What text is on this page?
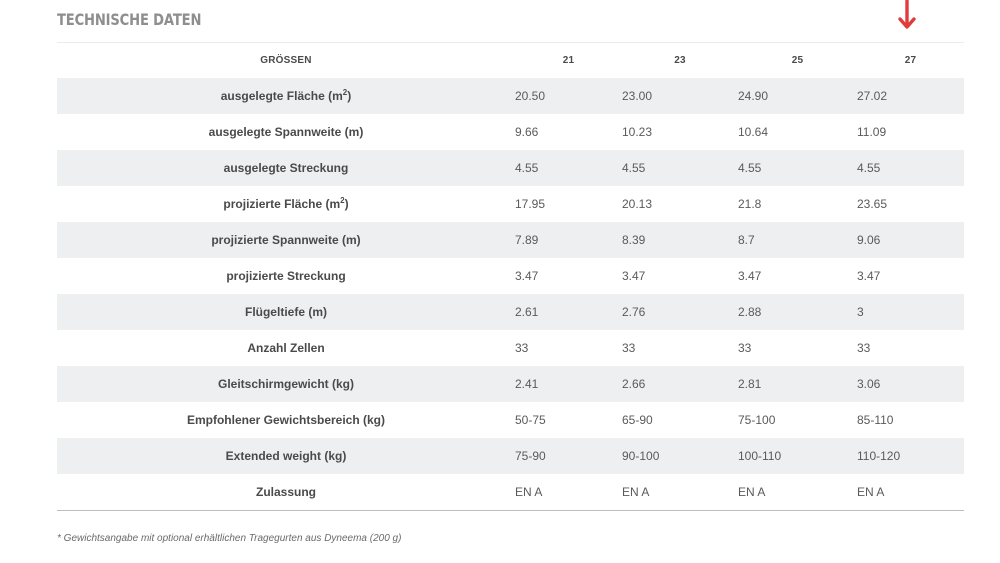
TECHNISCHE DATEN
GRÖSSEN	21	23	25	27
ausgelegte Fläche $(m^2)$	20.50	23.00	24.90	27.02
ausgelegte Spannweite (m)	9.66	10.23	10.64	11.09
ausgelegte Streckung	4.55	4.55	4.55	4.55
projizierte Fläche $(m^2)$	17.95	20.13	21.8	23.65
projizierte Spannweite (m)	7.89	8.39	8.7	9.06
projizierte Streckung	3.47	3.47	3.47	3.47
Flügeltiefe (m)	2.61	2.76	2.88	3
Anzahl Zellen	33	33	33	33
Gleitschirmgewicht (kg)	2.41	2.66	2.81	3.06
Empfohlener Gewichtsbereich (kg)	50-75	65-90	75-100	85-110
Extended weight (kg)	75-90	90-100	100-110	110-120
Zulassung	EN A	EN A	EN A	EN A
* Gewichtsangabe mit optional erhältlichen Tragegurten aus Dyneema (200 g)
